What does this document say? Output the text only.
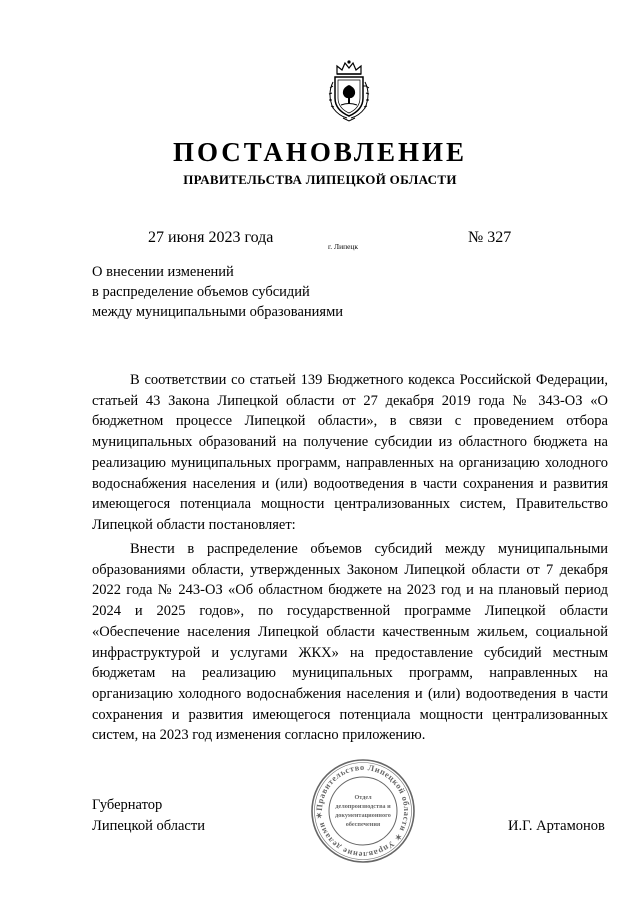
ПОСТАНОВЛЕНИЕ
ПРАВИТЕЛЬСТВА ЛИПЕЦКОЙ ОБЛАСТИ
27 июня 2023 года
г. Липецк
№ 327
О внесении изменений
в распределение объемов субсидий
между муниципальными образованиями
В соответствии со статьей 139 Бюджетного кодекса Российской Федерации, статьей 43 Закона Липецкой области от 27 декабря 2019 года № 343-ОЗ «О бюджетном процессе Липецкой области», в связи с проведением отбора муниципальных образований на получение субсидии из областного бюджета на реализацию муниципальных программ, направленных на организацию холодного водоснабжения населения и (или) водоотведения в части сохранения и развития имеющегося потенциала мощности централизованных систем, Правительство Липецкой области постановляет:
Внести в распределение объемов субсидий между муниципальными образованиями области, утвержденных Законом Липецкой области от 7 декабря 2022 года № 243-ОЗ «Об областном бюджете на 2023 год и на плановый период 2024 и 2025 годов», по государственной программе Липецкой области «Обеспечение населения Липецкой области качественным жильем, социальной инфраструктурой и услугами ЖКХ» на предоставление субсидий местным бюджетам на реализацию муниципальных программ, направленных на организацию холодного водоснабжения населения и (или) водоотведения в части сохранения и развития имеющегося потенциала мощности централизованных систем, на 2023 год изменения согласно приложению.
Правительство Липецкой области ✶ Управление делами ✶
Отдел
делопроизводства и
документационного
обеспечения
Губернатор
Липецкой области	И.Г. Артамонов
